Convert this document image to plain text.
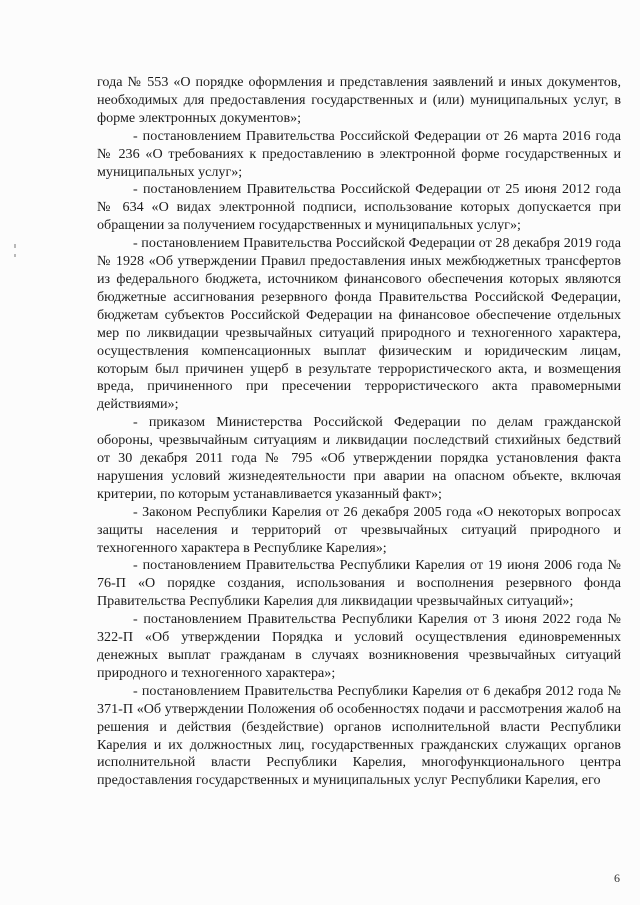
года № 553 «О порядке оформления и представления заявлений и иных документов, необходимых для предоставления государственных и (или) муниципальных услуг, в форме электронных документов»;

- постановлением Правительства Российской Федерации от 26 марта 2016 года № 236 «О требованиях к предоставлению в электронной форме государственных и муниципальных услуг»;

- постановлением Правительства Российской Федерации от 25 июня 2012 года № 634 «О видах электронной подписи, использование которых допускается при обращении за получением государственных и муниципальных услуг»;

- постановлением Правительства Российской Федерации от 28 декабря 2019 года № 1928 «Об утверждении Правил предоставления иных межбюджетных трансфертов из федерального бюджета, источником финансового обеспечения которых являются бюджетные ассигнования резервного фонда Правительства Российской Федерации, бюджетам субъектов Российской Федерации на финансовое обеспечение отдельных мер по ликвидации чрезвычайных ситуаций природного и техногенного характера, осуществления компенсационных выплат физическим и юридическим лицам, которым был причинен ущерб в результате террористического акта, и возмещения вреда, причиненного при пресечении террористического акта правомерными действиями»;

- приказом Министерства Российской Федерации по делам гражданской обороны, чрезвычайным ситуациям и ликвидации последствий стихийных бедствий от 30 декабря 2011 года № 795 «Об утверждении порядка установления факта нарушения условий жизнедеятельности при аварии на опасном объекте, включая критерии, по которым устанавливается указанный факт»;

- Законом Республики Карелия от 26 декабря 2005 года «О некоторых вопросах защиты населения и территорий от чрезвычайных ситуаций природного и техногенного характера в Республике Карелия»;

- постановлением Правительства Республики Карелия от 19 июня 2006 года № 76-П «О порядке создания, использования и восполнения резервного фонда Правительства Республики Карелия для ликвидации чрезвычайных ситуаций»;

- постановлением Правительства Республики Карелия от 3 июня 2022 года № 322-П «Об утверждении Порядка и условий осуществления единовременных денежных выплат гражданам в случаях возникновения чрезвычайных ситуаций природного и техногенного характера»;

- постановлением Правительства Республики Карелия от 6 декабря 2012 года № 371-П «Об утверждении Положения об особенностях подачи и рассмотрения жалоб на решения и действия (бездействие) органов исполнительной власти Республики Карелия и их должностных лиц, государственных гражданских служащих органов исполнительной власти Республики Карелия, многофункционального центра предоставления государственных и муниципальных услуг Республики Карелия, его

6
